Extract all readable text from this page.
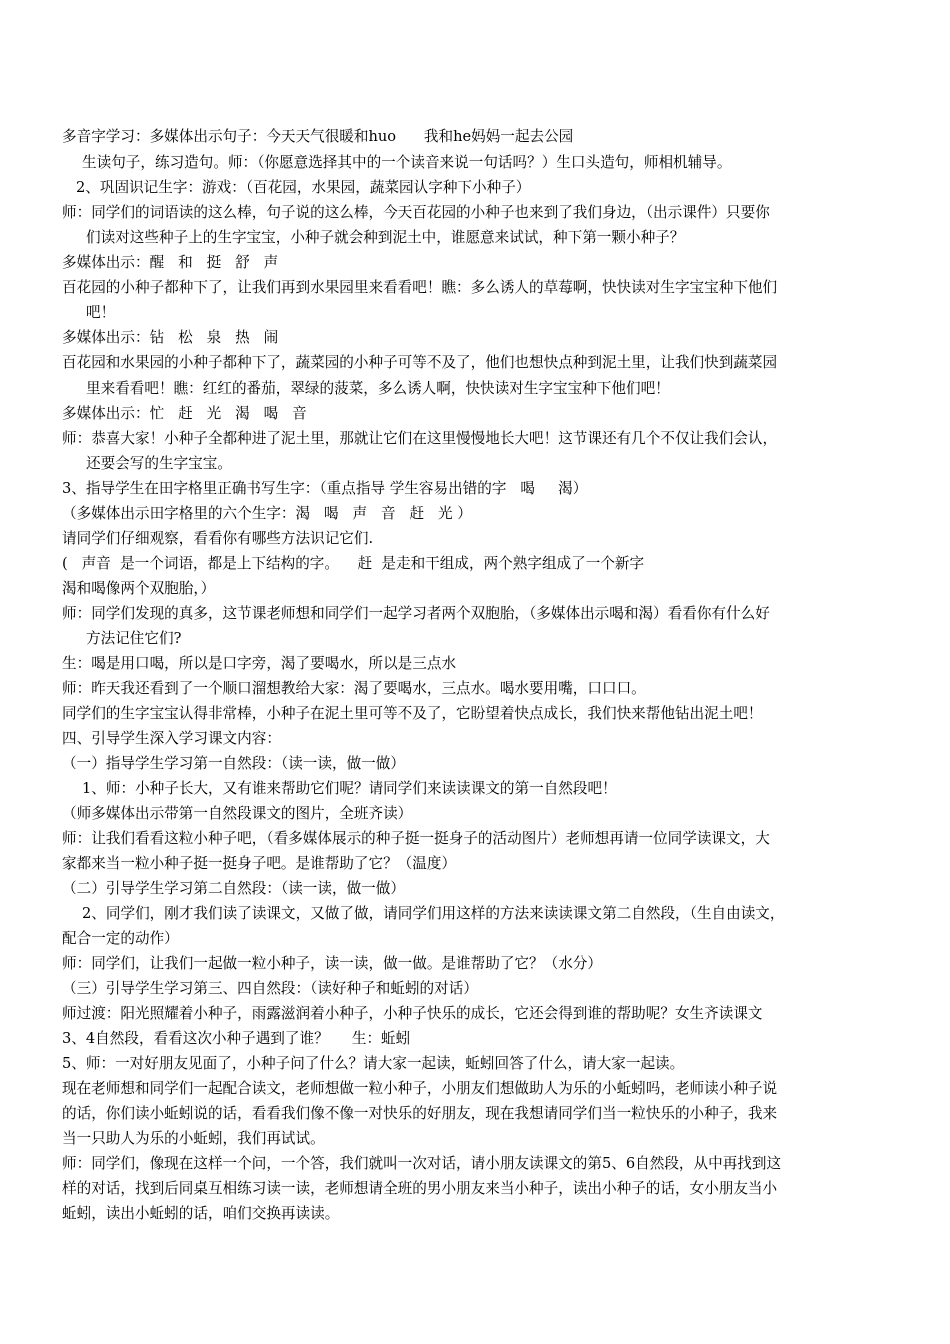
多音字学习：多媒体出示句子：今天天气很暖和huo      我和he妈妈一起去公园
生读句子，练习造句。师：（你愿意选择其中的一个读音来说一句话吗？）生口头造句，师相机辅导。
2、巩固识记生字：游戏：（百花园，水果园，蔬菜园认字种下小种子）
师：同学们的词语读的这么棒，句子说的这么棒，今天百花园的小种子也来到了我们身边，（出示课件）只要你
们读对这些种子上的生字宝宝，小种子就会种到泥土中，谁愿意来试试，种下第一颗小种子？
多媒体出示：醒   和   挺   舒   声
百花园的小种子都种下了，让我们再到水果园里来看看吧！瞧：多么诱人的草莓啊，快快读对生字宝宝种下他们
吧！
多媒体出示：钻   松   泉   热   闹
百花园和水果园的小种子都种下了，蔬菜园的小种子可等不及了，他们也想快点种到泥土里，让我们快到蔬菜园
里来看看吧！瞧：红红的番茄，翠绿的菠菜，多么诱人啊，快快读对生字宝宝种下他们吧！
多媒体出示：忙   赶   光   渴   喝   音
师：恭喜大家！小种子全都种进了泥土里，那就让它们在这里慢慢地长大吧！这节课还有几个不仅让我们会认，
还要会写的生字宝宝。
3、指导学生在田字格里正确书写生字：（重点指导 学生容易出错的字   喝     渴）
（多媒体出示田字格里的六个生字：渴   喝   声   音   赶   光 ）
请同学们仔细观察，看看你有哪些方法识记它们.
(   声音  是一个词语，都是上下结构的字。    赶  是走和干组成，两个熟字组成了一个新字
渴和喝像两个双胞胎，）
师：同学们发现的真多，这节课老师想和同学们一起学习者两个双胞胎，（多媒体出示喝和渴）看看你有什么好
方法记住它们?
生：喝是用口喝，所以是口字旁，渴了要喝水，所以是三点水
师：昨天我还看到了一个顺口溜想教给大家：渴了要喝水，三点水。喝水要用嘴，口口口。
同学们的生字宝宝认得非常棒，小种子在泥土里可等不及了，它盼望着快点成长，我们快来帮他钻出泥土吧！
四、引导学生深入学习课文内容：
（一）指导学生学习第一自然段：（读一读，做一做）
1、师：小种子长大，又有谁来帮助它们呢？请同学们来读读课文的第一自然段吧！
（师多媒体出示带第一自然段课文的图片，全班齐读）
师：让我们看看这粒小种子吧，（看多媒体展示的种子挺一挺身子的活动图片）老师想再请一位同学读课文，大
家都来当一粒小种子挺一挺身子吧。是谁帮助了它？（温度）
（二）引导学生学习第二自然段：（读一读，做一做）
2、同学们，刚才我们读了读课文，又做了做，请同学们用这样的方法来读读课文第二自然段，（生自由读文，
配合一定的动作）
师：同学们，让我们一起做一粒小种子，读一读，做一做。是谁帮助了它？（水分）
（三）引导学生学习第三、四自然段：（读好种子和蚯蚓的对话）
师过渡：阳光照耀着小种子，雨露滋润着小种子，小种子快乐的成长，它还会得到谁的帮助呢？女生齐读课文
3、4自然段，看看这次小种子遇到了谁？     生：蚯蚓
5、师：一对好朋友见面了，小种子问了什么？请大家一起读，蚯蚓回答了什么，请大家一起读。
现在老师想和同学们一起配合读文，老师想做一粒小种子，小朋友们想做助人为乐的小蚯蚓吗，老师读小种子说
的话，你们读小蚯蚓说的话，看看我们像不像一对快乐的好朋友，现在我想请同学们当一粒快乐的小种子，我来
当一只助人为乐的小蚯蚓，我们再试试。
师：同学们，像现在这样一个问，一个答，我们就叫一次对话，请小朋友读课文的第5、6自然段，从中再找到这
样的对话，找到后同桌互相练习读一读，老师想请全班的男小朋友来当小种子，读出小种子的话，女小朋友当小
蚯蚓，读出小蚯蚓的话，咱们交换再读读。
